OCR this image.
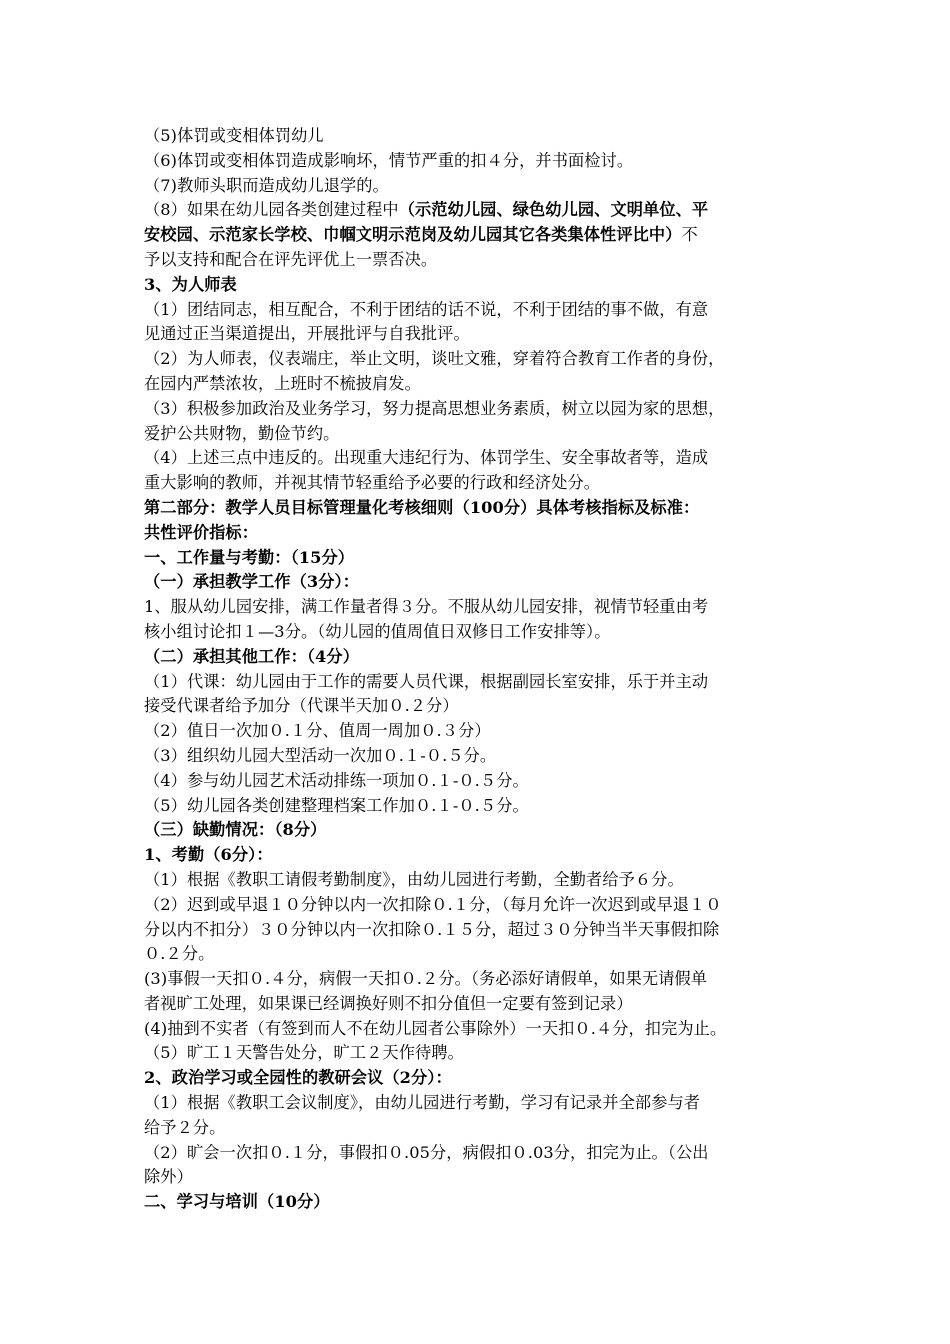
（5)体罚或变相体罚幼儿
（6)体罚或变相体罚造成影响坏，情节严重的扣４分，并书面检讨。
（7)教师头职而造成幼儿退学的。
（8）如果在幼儿园各类创建过程中（示范幼儿园、绿色幼儿园、文明单位、平
安校园、示范家长学校、巾帼文明示范岗及幼儿园其它各类集体性评比中）不
予以支持和配合在评先评优上一票否决。
3、为人师表
（1）团结同志，相互配合，不利于团结的话不说，不利于团结的事不做，有意
见通过正当渠道提出，开展批评与自我批评。
（2）为人师表，仪表端庄，举止文明，谈吐文雅，穿着符合教育工作者的身份，
在园内严禁浓妆，上班时不梳披肩发。
（3）积极参加政治及业务学习，努力提高思想业务素质，树立以园为家的思想，
爱护公共财物，勤俭节约。
（4）上述三点中违反的。出现重大违纪行为、体罚学生、安全事故者等，造成
重大影响的教师，并视其情节轻重给予必要的行政和经济处分。
第二部分：教学人员目标管理量化考核细则（100分）具体考核指标及标准：
共性评价指标：
一、工作量与考勤：（15分）
（一）承担教学工作（3分）：
1、服从幼儿园安排，满工作量者得３分。不服从幼儿园安排，视情节轻重由考
核小组讨论扣１—3分。（幼儿园的值周值日双修日工作安排等）。
（二）承担其他工作：（4分）
（1）代课：幼儿园由于工作的需要人员代课，根据副园长室安排，乐于并主动
接受代课者给予加分（代课半天加０.２分）
（2）值日一次加０.１分、值周一周加０.３分）
（3）组织幼儿园大型活动一次加０.１-０.５分。
（4）参与幼儿园艺术活动排练一项加０.１-０.５分。
（5）幼儿园各类创建整理档案工作加０.１-０.５分。
（三）缺勤情况：（8分）
1、考勤（6分）：
（1）根据《教职工请假考勤制度》，由幼儿园进行考勤，全勤者给予６分。
（2）迟到或早退１０分钟以内一次扣除０.１分，（每月允许一次迟到或早退１０
分以内不扣分）３０分钟以内一次扣除０.１５分，超过３０分钟当半天事假扣除
０.２分。
(3)事假一天扣０.４分，病假一天扣０.２分。（务必添好请假单，如果无请假单
者视旷工处理，如果课已经调换好则不扣分值但一定要有签到记录）
(4)抽到不实者（有签到而人不在幼儿园者公事除外）一天扣０.４分，扣完为止。
（5）旷工１天警告处分，旷工２天作待聘。
2、政治学习或全园性的教研会议（2分）：
（1）根据《教职工会议制度》，由幼儿园进行考勤，学习有记录并全部参与者
给予２分。
（2）旷会一次扣０.１分，事假扣０.05分，病假扣０.03分，扣完为止。（公出
除外）
二、学习与培训（10分）
